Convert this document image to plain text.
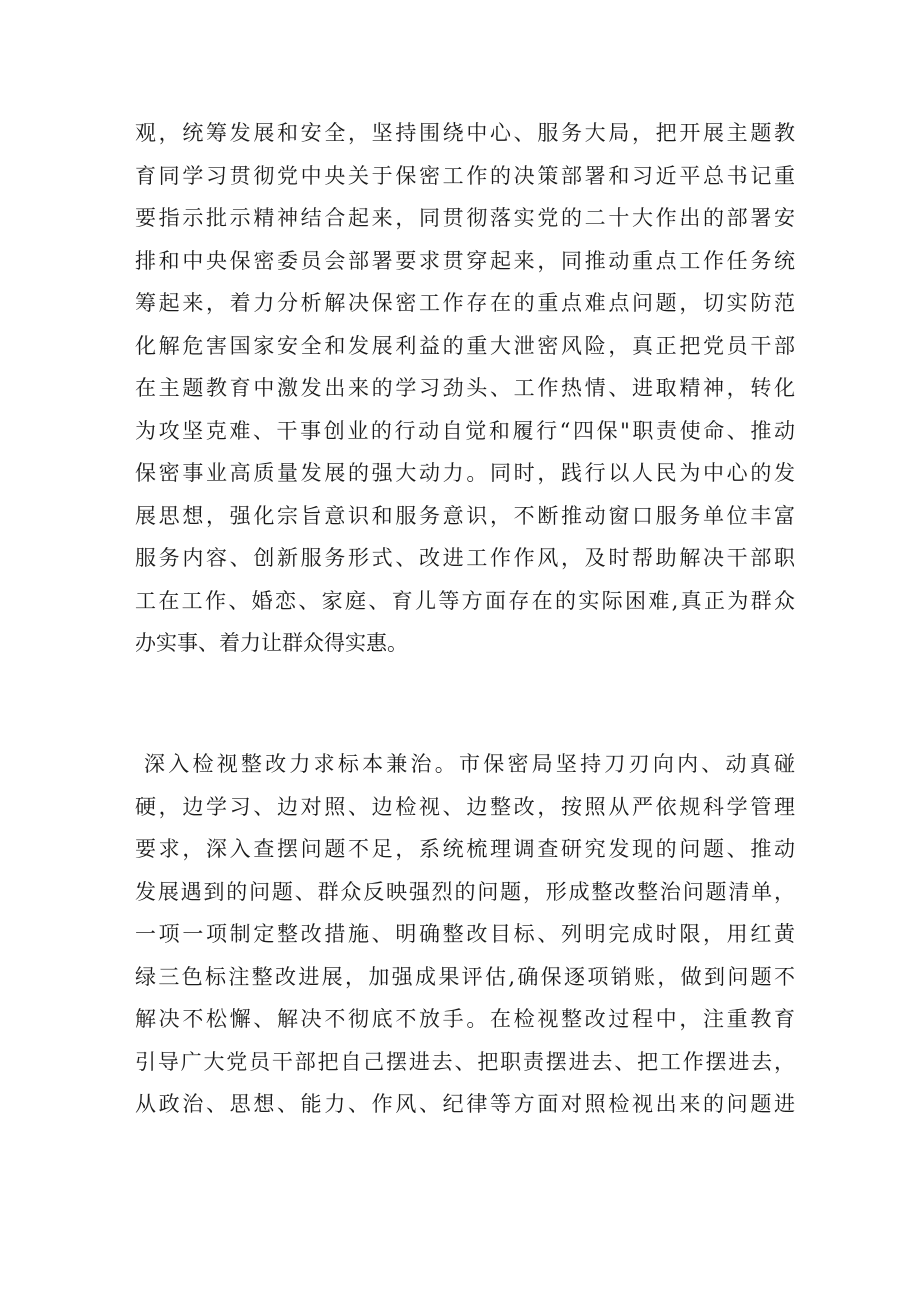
观，统筹发展和安全，坚持围绕中心、服务大局，把开展主题教
育同学习贯彻党中央关于保密工作的决策部署和习近平总书记重
要指示批示精神结合起来，同贯彻落实党的二十大作出的部署安
排和中央保密委员会部署要求贯穿起来，同推动重点工作任务统
筹起来，着力分析解决保密工作存在的重点难点问题，切实防范
化解危害国家安全和发展利益的重大泄密风险，真正把党员干部
在主题教育中激发出来的学习劲头、工作热情、进取精神，转化
为攻坚克难、干事创业的行动自觉和履行“四保"职责使命、推动
保密事业高质量发展的强大动力。同时，践行以人民为中心的发
展思想，强化宗旨意识和服务意识，不断推动窗口服务单位丰富
服务内容、创新服务形式、改进工作作风，及时帮助解决干部职
工在工作、婚恋、家庭、育儿等方面存在的实际困难,真正为群众
办实事、着力让群众得实惠。
深入检视整改力求标本兼治。市保密局坚持刀刃向内、动真碰
硬，边学习、边对照、边检视、边整改，按照从严依规科学管理
要求，深入查摆问题不足，系统梳理调查研究发现的问题、推动
发展遇到的问题、群众反映强烈的问题，形成整改整治问题清单，
一项一项制定整改措施、明确整改目标、列明完成时限，用红黄
绿三色标注整改进展，加强成果评估,确保逐项销账，做到问题不
解决不松懈、解决不彻底不放手。在检视整改过程中，注重教育
引导广大党员干部把自己摆进去、把职责摆进去、把工作摆进去，
从政治、思想、能力、作风、纪律等方面对照检视出来的问题进
